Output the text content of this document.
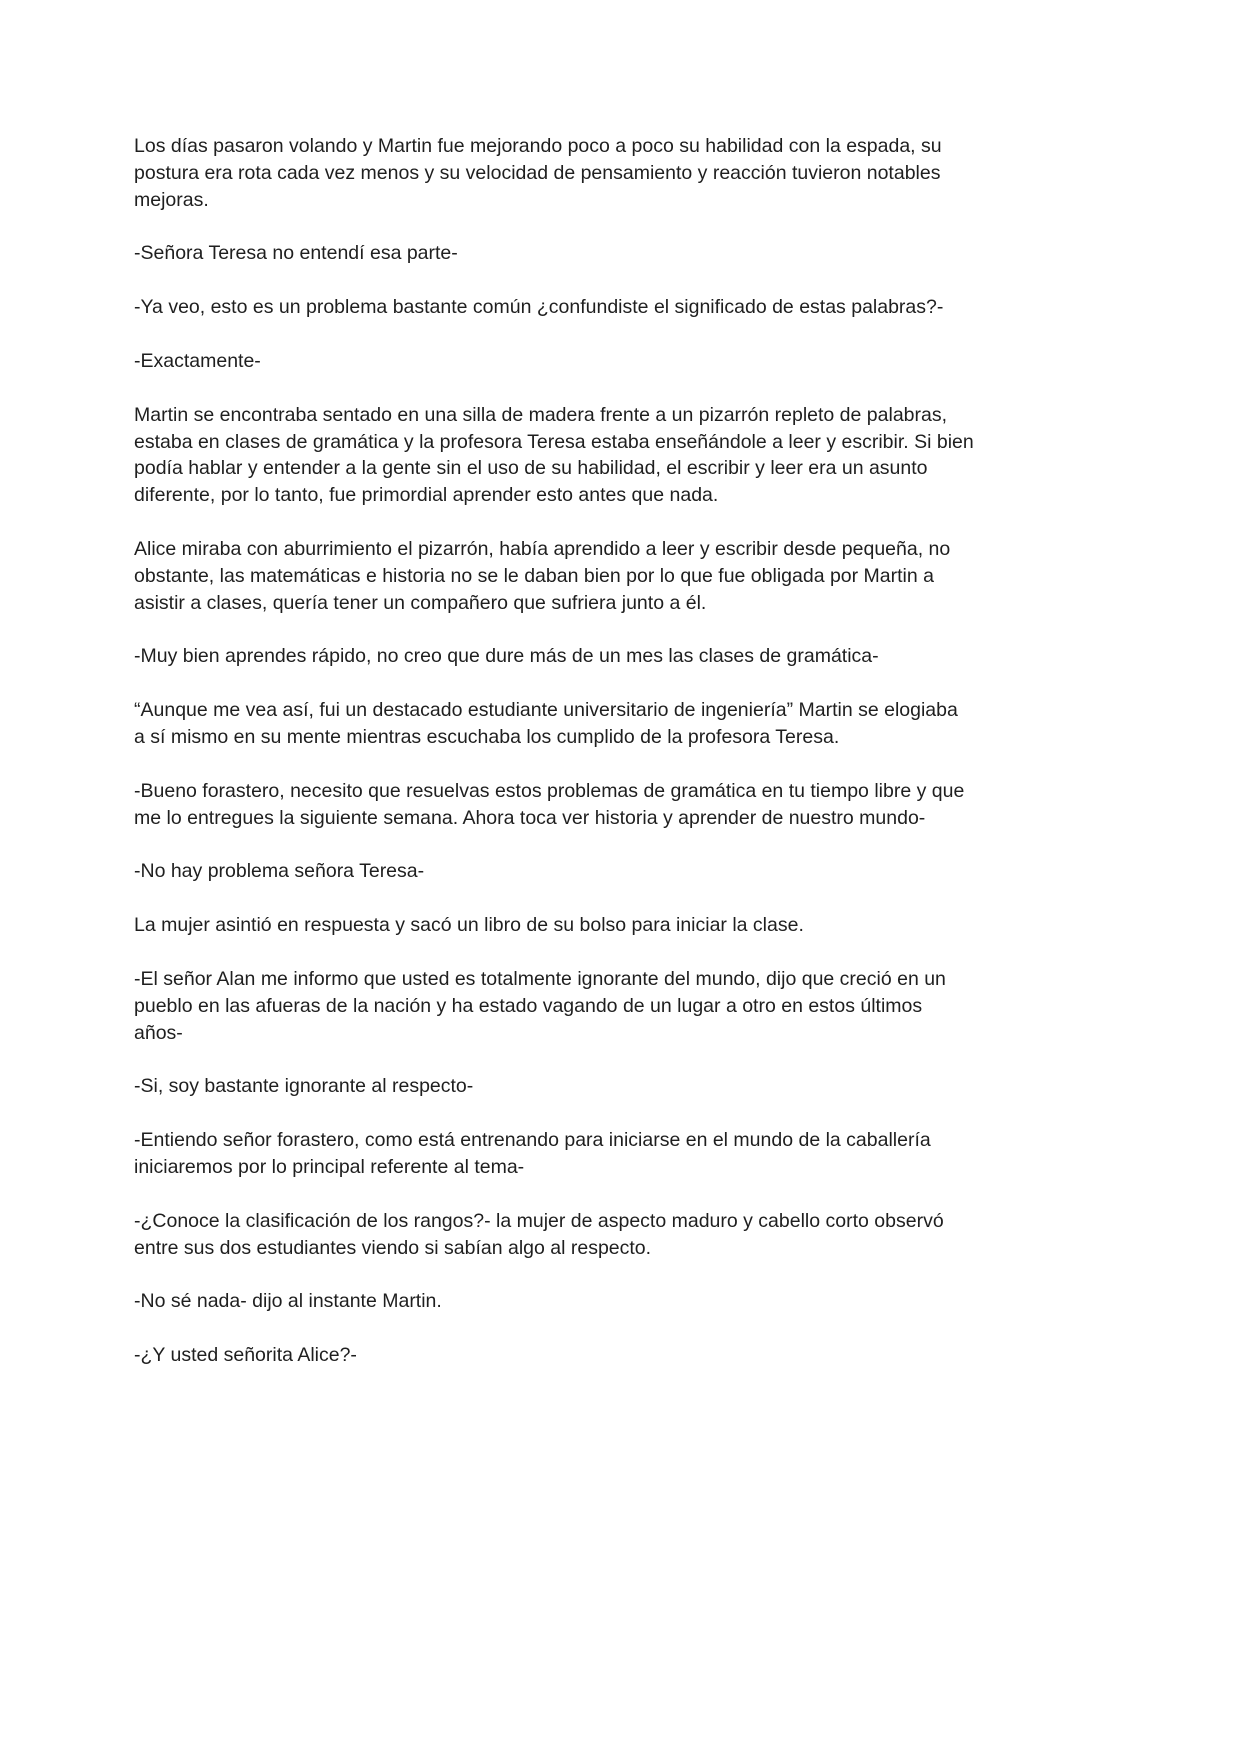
Los días pasaron volando y Martin fue mejorando poco a poco su habilidad con la espada, su postura era rota cada vez menos y su velocidad de pensamiento y reacción tuvieron notables mejoras.

-Señora Teresa no entendí esa parte-

-Ya veo, esto es un problema bastante común ¿confundiste el significado de estas palabras?-

-Exactamente-

Martin se encontraba sentado en una silla de madera frente a un pizarrón repleto de palabras, estaba en clases de gramática y la profesora Teresa estaba enseñándole a leer y escribir. Si bien podía hablar y entender a la gente sin el uso de su habilidad, el escribir y leer era un asunto diferente, por lo tanto, fue primordial aprender esto antes que nada.

Alice miraba con aburrimiento el pizarrón, había aprendido a leer y escribir desde pequeña, no obstante, las matemáticas e historia no se le daban bien por lo que fue obligada por Martin a asistir a clases, quería tener un compañero que sufriera junto a él.

-Muy bien aprendes rápido, no creo que dure más de un mes las clases de gramática-

“Aunque me vea así, fui un destacado estudiante universitario de ingeniería” Martin se elogiaba a sí mismo en su mente mientras escuchaba los cumplido de la profesora Teresa.

-Bueno forastero, necesito que resuelvas estos problemas de gramática en tu tiempo libre y que me lo entregues la siguiente semana. Ahora toca ver historia y aprender de nuestro mundo-

-No hay problema señora Teresa-

La mujer asintió en respuesta y sacó un libro de su bolso para iniciar la clase.

-El señor Alan me informo que usted es totalmente ignorante del mundo, dijo que creció en un pueblo en las afueras de la nación y ha estado vagando de un lugar a otro en estos últimos años-

-Si, soy bastante ignorante al respecto-

-Entiendo señor forastero, como está entrenando para iniciarse en el mundo de la caballería iniciaremos por lo principal referente al tema-

-¿Conoce la clasificación de los rangos?- la mujer de aspecto maduro y cabello corto observó entre sus dos estudiantes viendo si sabían algo al respecto.

-No sé nada- dijo al instante Martin.

-¿Y usted señorita Alice?-
